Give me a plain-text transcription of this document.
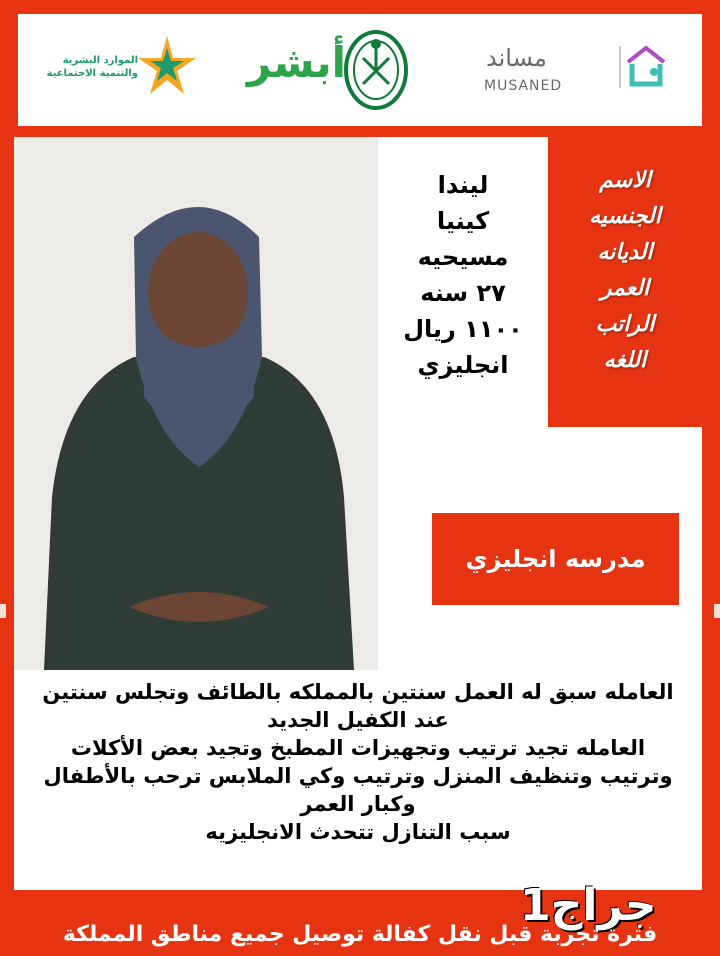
الموارد البشرية والتنمية الاجتماعية	أبشر	مساند
MUSANED
ليندا
كينيا
مسيحيه
٢٧ سنه
١١٠٠ ريال
انجليزي
الاسم
الجنسيه
الديانه
العمر
الراتب
اللغه
مدرسه انجليزي
العامله سبق له العمل سنتين بالمملكه بالطائف وتجلس سنتين
عند الكفيل الجديد
العامله تجيد ترتيب وتجهيزات المطبخ وتجيد بعض الأكلات
وترتيب وتنظيف المنزل وترتيب وكي الملابس ترحب بالأطفال
وكبار العمر
سبب التنازل تتحدث الانجليزيه
جراج1
فترة تجربة قبل نقل كفالة توصيل جميع مناطق المملكة
